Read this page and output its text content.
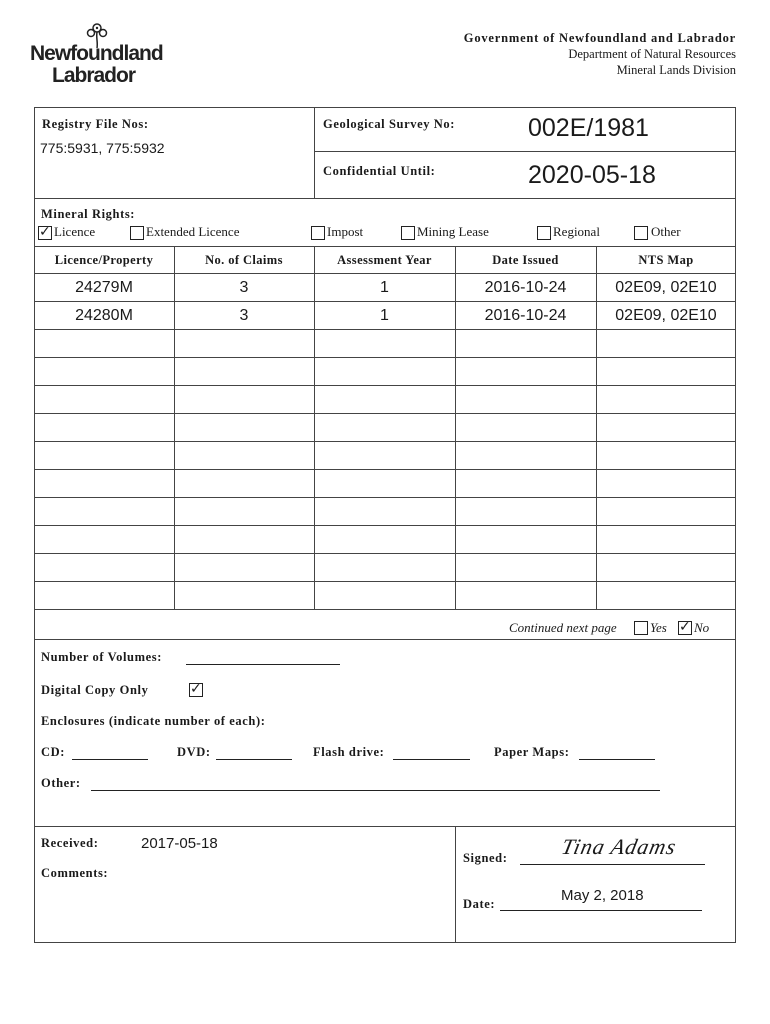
Newfoundland
Labrador
Government of Newfoundland and Labrador
Department of Natural Resources
Mineral Lands Division
Registry File Nos:
775:5931, 775:5932
Geological Survey No:	002E/1981
Confidential Until:	2020-05-18
Mineral Rights:
✓ Licence	Extended Licence	Impost	Mining Lease	Regional	Other
Licence/Property	No. of Claims	Assessment Year	Date Issued	NTS Map
24279M	3	1	2016-10-24	02E09, 02E10
24280M	3	1	2016-10-24	02E09, 02E10
Continued next page	Yes ✓ No
Number of Volumes:
Digital Copy Only	✓
Enclosures (indicate number of each):
CD:	DVD:	Flash drive:	Paper Maps:
Other:
Received:	2017-05-18
Comments:
Signed: Tina Adams
Date:	May 2, 2018
